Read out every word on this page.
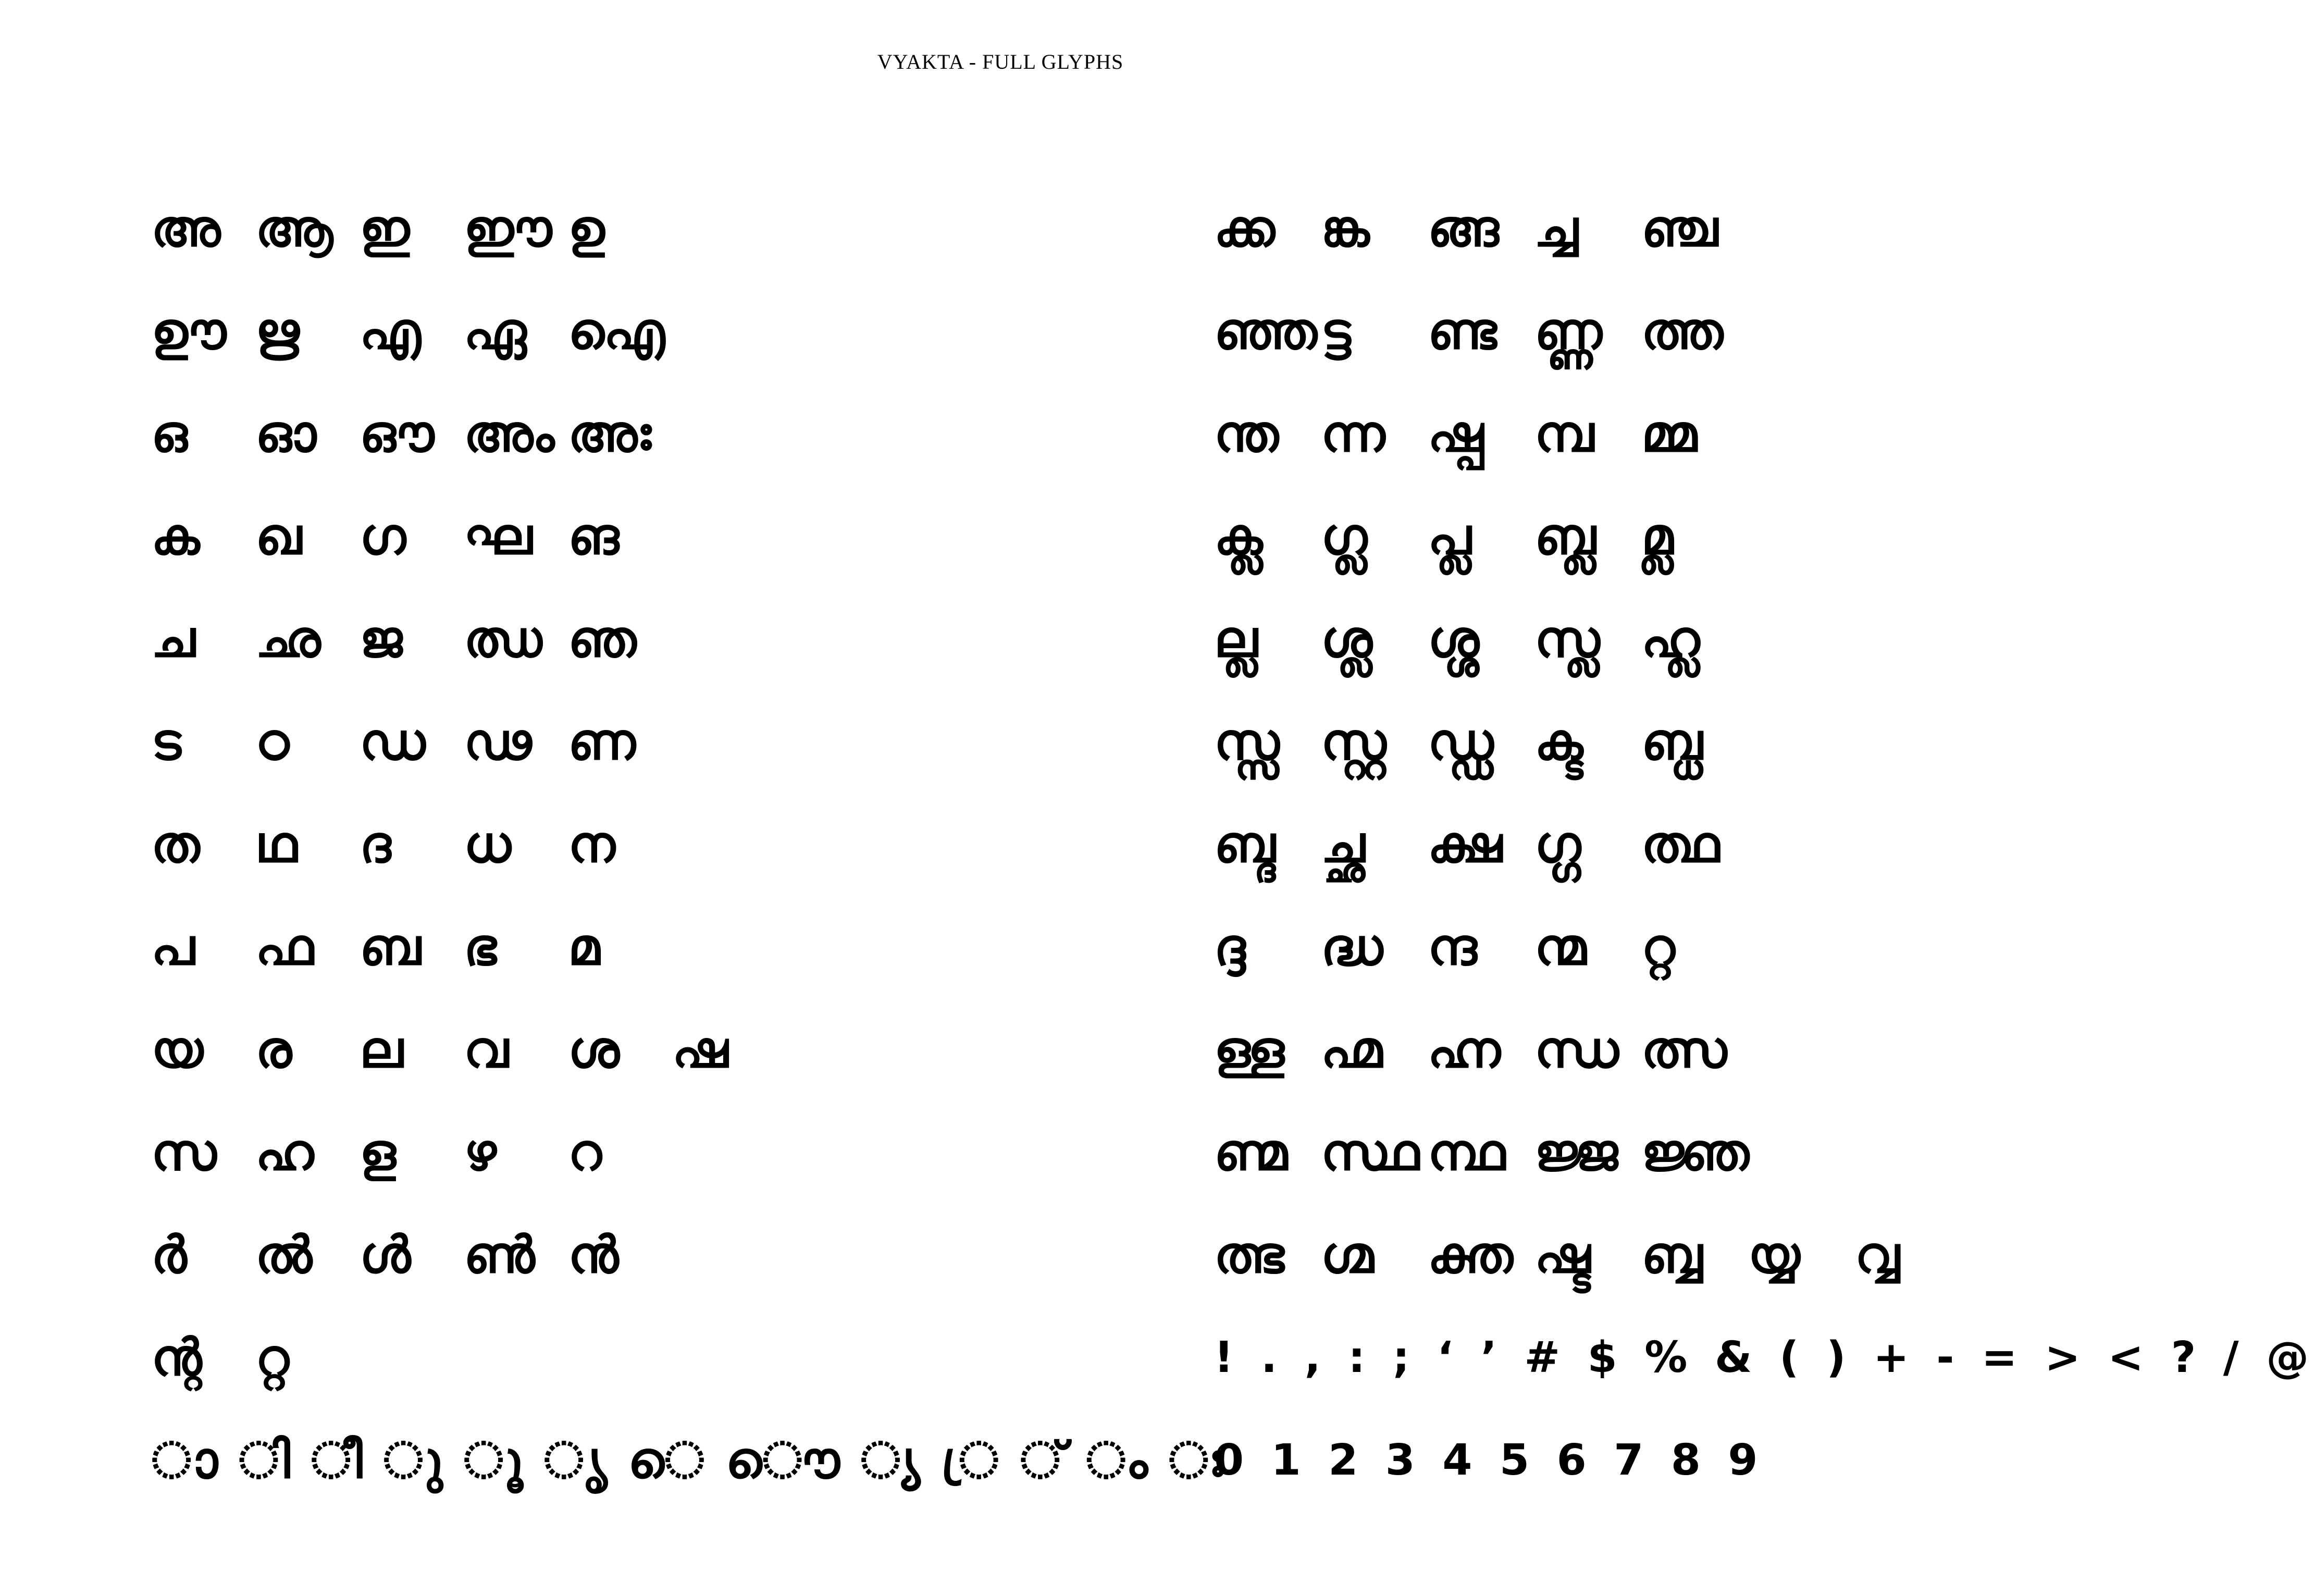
VYAKTA - FULL GLYPHS
അ ആ ഇ	ഈ ഉ
ഊ ഋ	എ ഏ ഐ
ഒ	ഓ ഔ അം അഃ
ക	ഖ	ഗ	ഘ ങ
ച	ഛ ജ	ഝ ഞ
ട	ഠ	ഡ ഢ ണ
ത	ഥ	ദ	ധ	ന
പ	ഫ ബ ഭ	മ
യ	ര	ല	വ	ശ	ഷ
സ ഹ ള	ഴ	റ
ർ	ൽ ൾ	ൺ ൻ
ന്റ	റ്റ
ാ ി ീ ു ൂ ൃ െ ൌ ്യ ്ര ് ം ഃ
ക്ക ങ്ക	ങ്ങ ച്ച	ഞ്ച
ഞ്ഞ ട്ട	ണ്ട ണ്ണ ത്ത
ന്ത ന്ന ഷ്പ മ്പ മ്മ
ക്ല	ഗ്ല	പ്ല	ബ്ല മ്ല
ല്ല	ശ്ല	ശ്ശ	സ്ല ഹ്ല
സ്സ സ്റ്റ ഡ്ഡ ക്ട	ബ്ധ
ബ്ദ ച്ഛ	ക്ഷ ഗ്ഗ	ത്ഥ
ദ്ദ	ദ്ധ ന്ദ	ന്മ	റ്റ
ള്ള ഹ്മ ഹ്ന ന്ധ ത്സ
ണ്മ സ്ഥ ന്ഥ ജ്ജ ജ്ഞ
ത്ഭ ഗ്മ	ക്ത ഷ്ട ബ്ബ യ്യ	വ്വ
! . , : ; ‘ ’ # $ % & ( ) + - = > < ? / @
0 1 2 3 4 5 6 7 8 9
